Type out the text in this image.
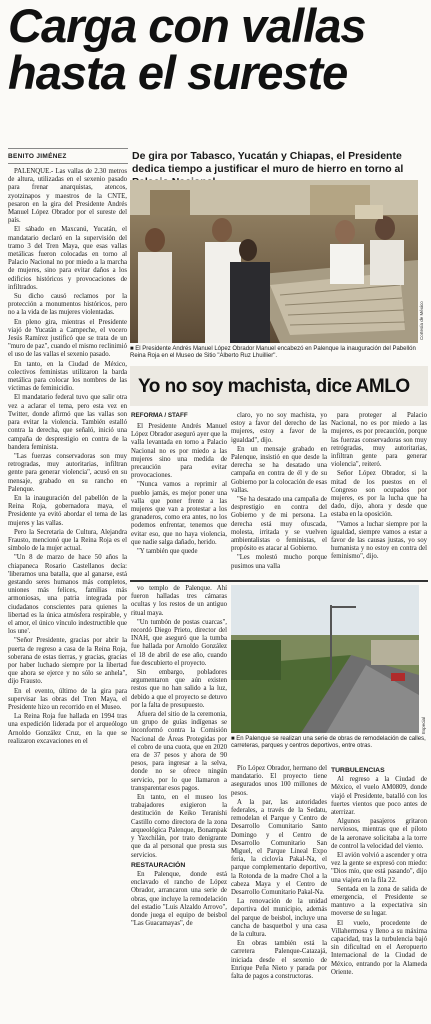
Carga con vallas
hasta el sureste
BENITO JIMÉNEZ	De gira por Tabasco, Yucatán y Chiapas, el Presidente dedica tiempo a justificar el muro de hierro en torno al

PALENQUE.- Las vallas de 2.30 metros de altura, utilizadas en el sexenio pasado para frenar anarquistas, atencos, zyotzinapos y maestros de la CNTE, pesaron en la gira del Presidente Andrés Manuel López Obrador por el sureste del país.

El sábado en Maxcanú, Yucatán, el mandatario declaró en la supervisión del tramo 3 del Tren Maya, que esas vallas metálicas fueron colocadas en torno al Palacio Nacional no por miedo a la marcha de mujeres, sino para evitar daños a los edificios históricos y provocaciones de infiltrados.

Su dicho causó reclamos por la protección a monumentos históricos, pero no a la vida de las mujeres violentadas.

En pleno gira, mientras el Presidente viajó de Yucatán a Campeche, el vocero Jesús Ramírez justificó que se trata de un "muro de paz", cuando el mismo reclinimió el uso de las vallas el sexenio pasado.

En tanto, en la Ciudad de México, colectivos feministas utilizaron la barda metálica para colocar los nombres de las víctimas de feminicidio.

El mandatario federal tuvo que salir otra vez a aclarar el tema, pero esta vez en Twitter, donde afirmó que las vallas son para evitar la violencia. También estalló contra la derecha, que señaló, inició una campaña de desprestigio en contra de la bandera feminista.

"Las fuerzas conservadoras son muy retrogradas, muy autoritarias, infiltran gente para generar violencia", acusó en su mensaje, grabado en su rancho en Palenque.

En la inauguración del pabellón de la Reina Roja, gobernadora maya, el Presidente ya evitó abordar el tema de las mujeres y las vallas.

Pero la Secretaria de Cultura, Alejandra Frausto, mencionó que la Reina Roja es el símbolo de la mujer actual.

"Un 8 de marzo de hace 50 años la chiapaneca Rosario Castellanos decía: 'liberamos una batalla, que al ganarse, está gestando seres humanos más completos, uniones más felices, familias más armoniosas, una patria integrada por ciudadanos conscientes para quienes la libertad es la única atmósfera respirable, y el amor, el único vínculo indestructible que los une'.

"Señor Presidente, gracias por abrir la puerta de regreso a casa de la Reina Roja, soberana de estas tierras, y gracias, gracias por haber luchado siempre por la libertad que ahora se ejerce y no sólo se anhela", dijo Frausto.

En el evento, último de la gira para supervisar las obras del Tren Maya, el Presidente hizo un recorrido en el Museo.

La Reina Roja fue hallada en 1994 tras una expedición liderada por el arqueólogo Arnoldo González Cruz, en la que se realizaron excavaciones en el

Cortesía de México
■ El Presidente Andrés Manuel López Obrador Manuel encabezó en Palenque la inauguración del Pabellón Reina Roja en el Museo de Sitio "Alberto Ruz Lhuillier".
Yo no soy machista, dice AMLO
REFORMA / STAFF

El Presidente Andrés Manuel López Obrador aseguró ayer que la valla levantada en torno a Palacio Nacional no es por miedo a las mujeres sino una medida de precaución para evitar provocaciones.

"Nunca vamos a reprimir al pueblo jamás, es mejor poner una valla que poner frente a las mujeres que van a protestar a los granaderos, como era antes, no los podemos enfrentar, tenemos que evitar eso, que no haya violencia, que nadie salga dañado, herido.

"Y también que quede

claro, yo no soy machista, yo estoy a favor del derecho de las mujeres, estoy a favor de la igualdad", dijo.

En un mensaje grabado en Palenque, insistió en que desde la derecha se ha desatado una campaña en contra de él y de su Gobierno por la colocación de esas vallas.

"Se ha desatado una campaña de desprestigio en contra del Gobierno y de mi persona. La derecha está muy ofuscada, molesta, irritada y se vuelven ambientalistas o feministas, el propósito es atacar al Gobierno.

"Les molestó mucho porque pusimos una valla

para proteger al Palacio Nacional, no es por miedo a las mujeres, es por precaución, porque las fuerzas conservadoras son muy retrógradas, muy autoritarias, infiltran gente para generar violencia", reiteró.

Señor López Obrador, si la mitad de los puestos en el Congreso son ocupados por mujeres, es por la lucha que ha dado, dijo, ahora y desde que estaba en la oposición.

"Vamos a luchar siempre por la igualdad, siempre vamos a estar a favor de las causas justas, yo soy humanista y no estoy en contra del feminismo", dijo.

vo templo de Palenque. Ahí fueron halladas tres cámaras ocultas y los restos de un antiguo ritual maya.

"Un tumbón de postas cuarcas", recordó Diego Prieto, director del INAH, que aseguró que la tumba fue hallada por Arnoldo González el 18 de abril de ese año, cuando fue descubierto el proyecto.

Sin embargo, pobladores argumentaron que aún existen restos que no han salido a la luz, debido a que el proyecto se detuvo por la falta de presupuesto.

Afuera del sitio de la ceremonia, un grupo de guías indígenas se inconformó contra la Comisión Nacional de Áreas Protegidas por el cobro de una cuota, que en 2020 era de 37 pesos y ahora de 90 pesos, para ingresar a la selva, donde no se ofrece ningún servicio, por lo que llamaron a transparentar esos pagos.

En tanto, en el museo los trabajadores exigieron la destitución de Keiko Teranishi Castillo como directora de la zona arqueológica Palenque, Bonampak y Yaxchilán, por trato denigrante que da al personal que presta sus servicios.

RESTAURACIÓN

En Palenque, donde está enclavado el rancho de López Obrador, arrancaron una serie de obras, que incluye la remodelación del estadio "Luis Alzaldo Arrovo", donde juega el equipo de beisbol "Las Guacamayas", de

Especial
■ En Palenque se realizan una serie de obras de remodelación de calles, carreteras, parques y centros deportivos, entre otras.

Pío López Obrador, hermano del mandatario. El proyecto tiene asegurados unos 100 millones de pesos.

A la par, las autoridades federales, a través de la Sedatu, remodelan el Parque y Centro de Desarrollo Comunitario Santo Domingo y el Centro de Desarrollo Comunitario San Miguel, el Parque Lineal Expo feria, la ciclovía Pakal-Na, el parque complementario deportivo, la Rotonda de la madre Chol a la cabeza Maya y el Centro de Desarrollo Comunitario Pakal-Na.

La renovación de la unidad deportiva del municipio, además del parque de beisbol, incluye una cancha de basquetbol y una casa de la cultura.

En obras también está la carretera Palenque-Catazajá, iniciada desde el sexenio de Enrique Peña Nieto y parada por falta de pagos a constructoras.

TURBULENCIAS

Al regreso a la Ciudad de México, el vuelo AM0809, donde viajó el Presidente, batalló con los fuertes vientos que poco antes de aterrizar.

Algunos pasajeros gritaron nerviosos, mientras que el piloto de la aeronave solicitaba a la torre de control la velocidad del viento.

El avión volvió a ascender y otra vez la gente se expresó con miedo: "Dios mío, que está pasando", dijo una viajera en la fila 22.

Sentada en la zona de salida de emergencia, el Presidente se mantuvo a la expectativa sin moverse de su lugar.

El vuelo, procedente de Villahermosa y lleno a su máxima capacidad, tras la turbulencia bajó sin dificultad en el Aeropuerto Internacional de la Ciudad de México, entrando por la Alameda Oriente.
